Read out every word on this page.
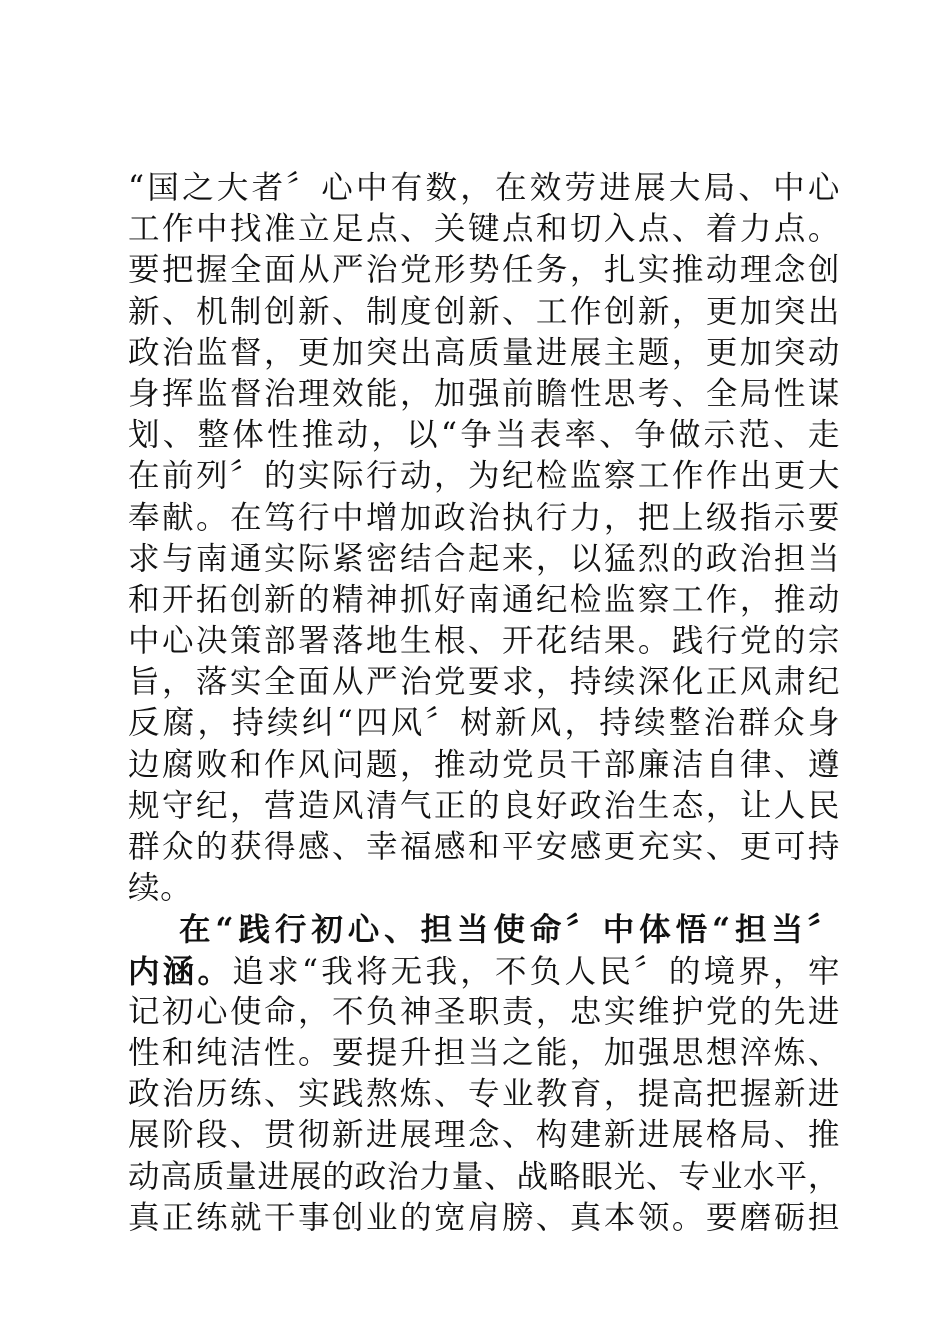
“国之大者〞心中有数，在效劳进展大局、中心
工作中找准立足点、关键点和切入点、着力点。
要把握全面从严治党形势任务，扎实推动理念创
新、机制创新、制度创新、工作创新，更加突出
政治监督，更加突出高质量进展主题，更加突动
身挥监督治理效能，加强前瞻性思考、全局性谋
划、整体性推动，以“争当表率、争做示范、走
在前列〞的实际行动，为纪检监察工作作出更大
奉献。在笃行中增加政治执行力，把上级指示要
求与南通实际紧密结合起来，以猛烈的政治担当
和开拓创新的精神抓好南通纪检监察工作，推动
中心决策部署落地生根、开花结果。践行党的宗
旨，落实全面从严治党要求，持续深化正风肃纪
反腐，持续纠“四风〞树新风，持续整治群众身
边腐败和作风问题，推动党员干部廉洁自律、遵
规守纪，营造风清气正的良好政治生态，让人民
群众的获得感、幸福感和平安感更充实、更可持
续。
在“践行初心、担当使命〞中体悟“担当〞
内涵。追求“我将无我，不负人民〞的境界，牢
记初心使命，不负神圣职责，忠实维护党的先进
性和纯洁性。要提升担当之能，加强思想淬炼、
政治历练、实践熬炼、专业教育，提高把握新进
展阶段、贯彻新进展理念、构建新进展格局、推
动高质量进展的政治力量、战略眼光、专业水平，
真正练就干事创业的宽肩膀、真本领。要磨砺担
